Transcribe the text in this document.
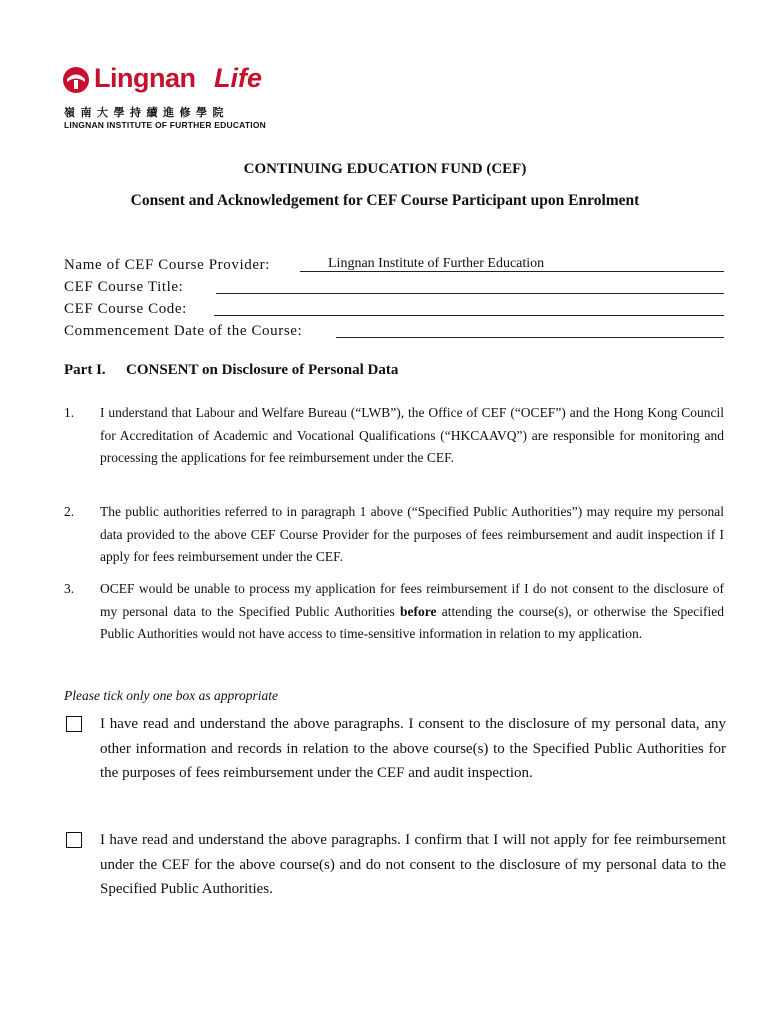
Lingnan Life
嶺南大學持續進修學院
LINGNAN INSTITUTE OF FURTHER EDUCATION
CONTINUING EDUCATION FUND (CEF)
Consent and Acknowledgement for CEF Course Participant upon Enrolment
Name of CEF Course Provider:	Lingnan Institute of Further Education
CEF Course Title:
CEF Course Code:
Commencement Date of the Course:
Part I. CONSENT on Disclosure of Personal Data
1. I understand that Labour and Welfare Bureau (“LWB”), the Office of CEF (“OCEF”) and the Hong Kong Council for Accreditation of Academic and Vocational Qualifications (“HKCAAVQ”) are responsible for monitoring and processing the applications for fee reimbursement under the CEF.
2. The public authorities referred to in paragraph 1 above (“Specified Public Authorities”) may require my personal data provided to the above CEF Course Provider for the purposes of fees reimbursement and audit inspection if I apply for fees reimbursement under the CEF.
3. OCEF would be unable to process my application for fees reimbursement if I do not consent to the disclosure of my personal data to the Specified Public Authorities before attending the course(s), or otherwise the Specified Public Authorities would not have access to time-sensitive information in relation to my application.
Please tick only one box as appropriate
I have read and understand the above paragraphs. I consent to the disclosure of my personal data, any other information and records in relation to the above course(s) to the Specified Public Authorities for the purposes of fees reimbursement under the CEF and audit inspection.
I have read and understand the above paragraphs. I confirm that I will not apply for fee reimbursement under the CEF for the above course(s) and do not consent to the disclosure of my personal data to the Specified Public Authorities.
